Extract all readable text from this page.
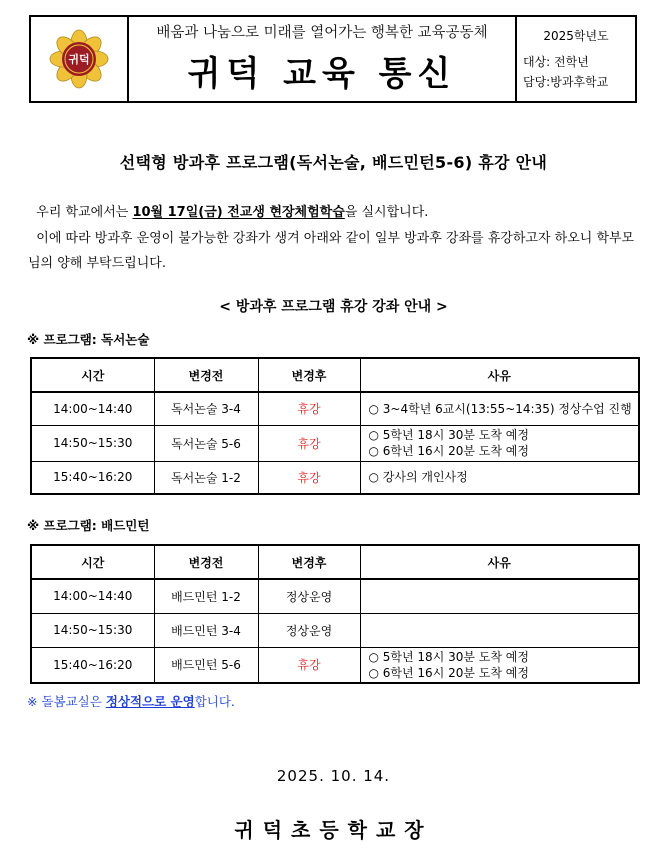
귀덕
배움과 나눔으로 미래를 열어가는 행복한 교육공동체
귀덕 교육 통신
2025학년도
대상: 전학년
담당:방과후학교
선택형 방과후 프로그램(독서논술, 배드민턴5-6) 휴강 안내
우리 학교에서는 10월 17일(금) 전교생 현장체험학습을 실시합니다.
이에 따라 방과후 운영이 불가능한 강좌가 생겨 아래와 같이 일부 방과후 강좌를 휴강하고자 하오니 학부모님의 양해 부탁드립니다.
< 방과후 프로그램 휴강 강좌 안내 >
※ 프로그램: 독서논술
시간	변경전	변경후	사유
14:00~14:40	독서논술 3-4	휴강	○ 3~4학년 6교시(13:55~14:35) 정상수업 진행

14:50~15:30	독서논술 5-6	휴강	○ 5학년 18시 30분 도착 예정
○ 6학년 16시 20분 도착 예정

15:40~16:20	독서논술 1-2	휴강	○ 강사의 개인사정
※ 프로그램: 배드민턴
시간	변경전	변경후	사유
14:00~14:40	배드민턴 1-2	정상운영	
14:50~15:30	배드민턴 3-4	정상운영	
15:40~16:20	배드민턴 5-6	휴강	○ 5학년 18시 30분 도착 예정
○ 6학년 16시 20분 도착 예정
※ 돌봄교실은 정상적으로 운영합니다.
2025. 10. 14.
귀덕초등학교장
